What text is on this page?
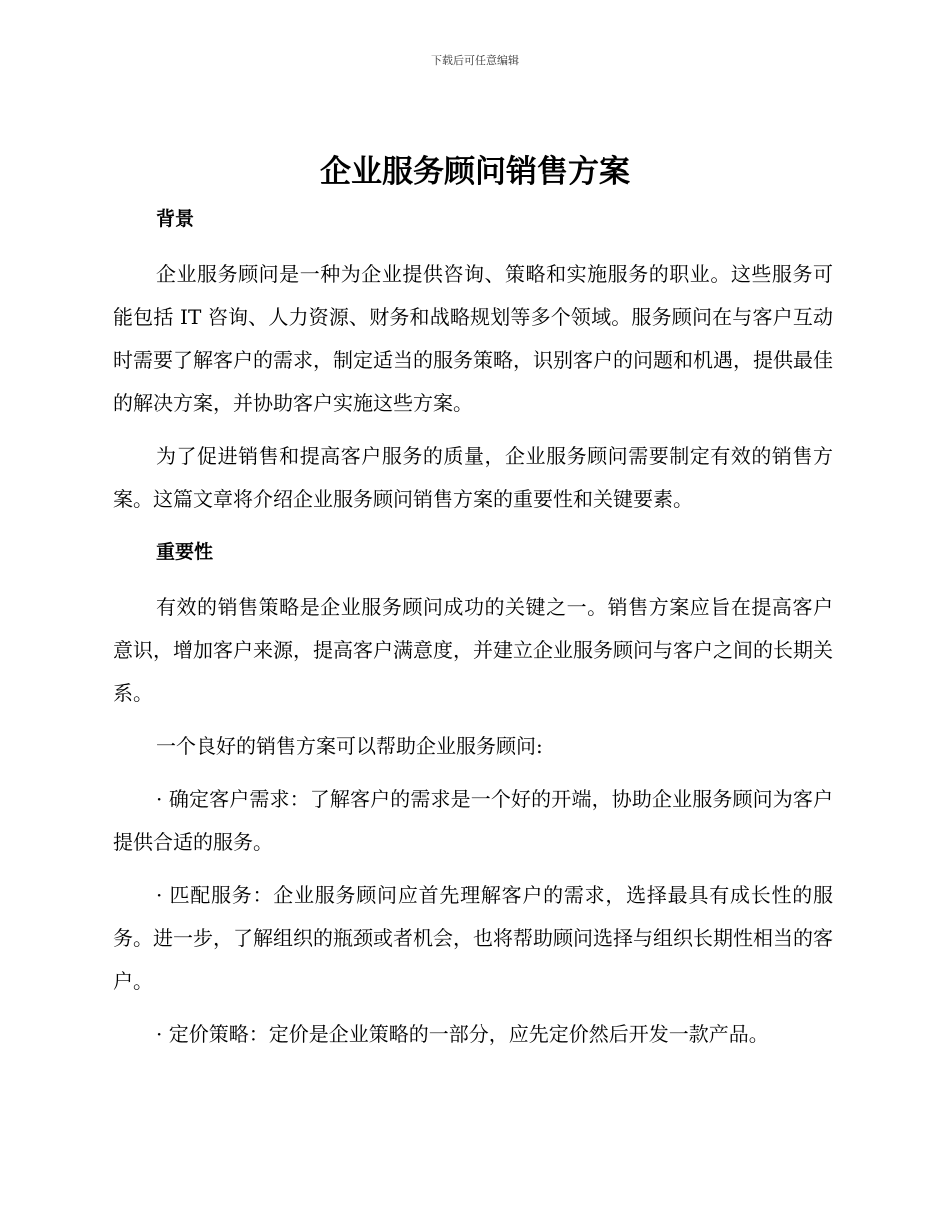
下载后可任意编辑
企业服务顾问销售方案
背景

企业服务顾问是一种为企业提供咨询、策略和实施服务的职业。这些服务可能包括 IT 咨询、人力资源、财务和战略规划等多个领域。服务顾问在与客户互动时需要了解客户的需求，制定适当的服务策略，识别客户的问题和机遇，提供最佳的解决方案，并协助客户实施这些方案。

为了促进销售和提高客户服务的质量，企业服务顾问需要制定有效的销售方案。这篇文章将介绍企业服务顾问销售方案的重要性和关键要素。

重要性

有效的销售策略是企业服务顾问成功的关键之一。销售方案应旨在提高客户意识，增加客户来源，提高客户满意度，并建立企业服务顾问与客户之间的长期关系。

一个良好的销售方案可以帮助企业服务顾问:

· 确定客户需求：了解客户的需求是一个好的开端，协助企业服务顾问为客户提供合适的服务。

· 匹配服务：企业服务顾问应首先理解客户的需求，选择最具有成长性的服务。进一步，了解组织的瓶颈或者机会，也将帮助顾问选择与组织长期性相当的客户。

· 定价策略：定价是企业策略的一部分，应先定价然后开发一款产品。
